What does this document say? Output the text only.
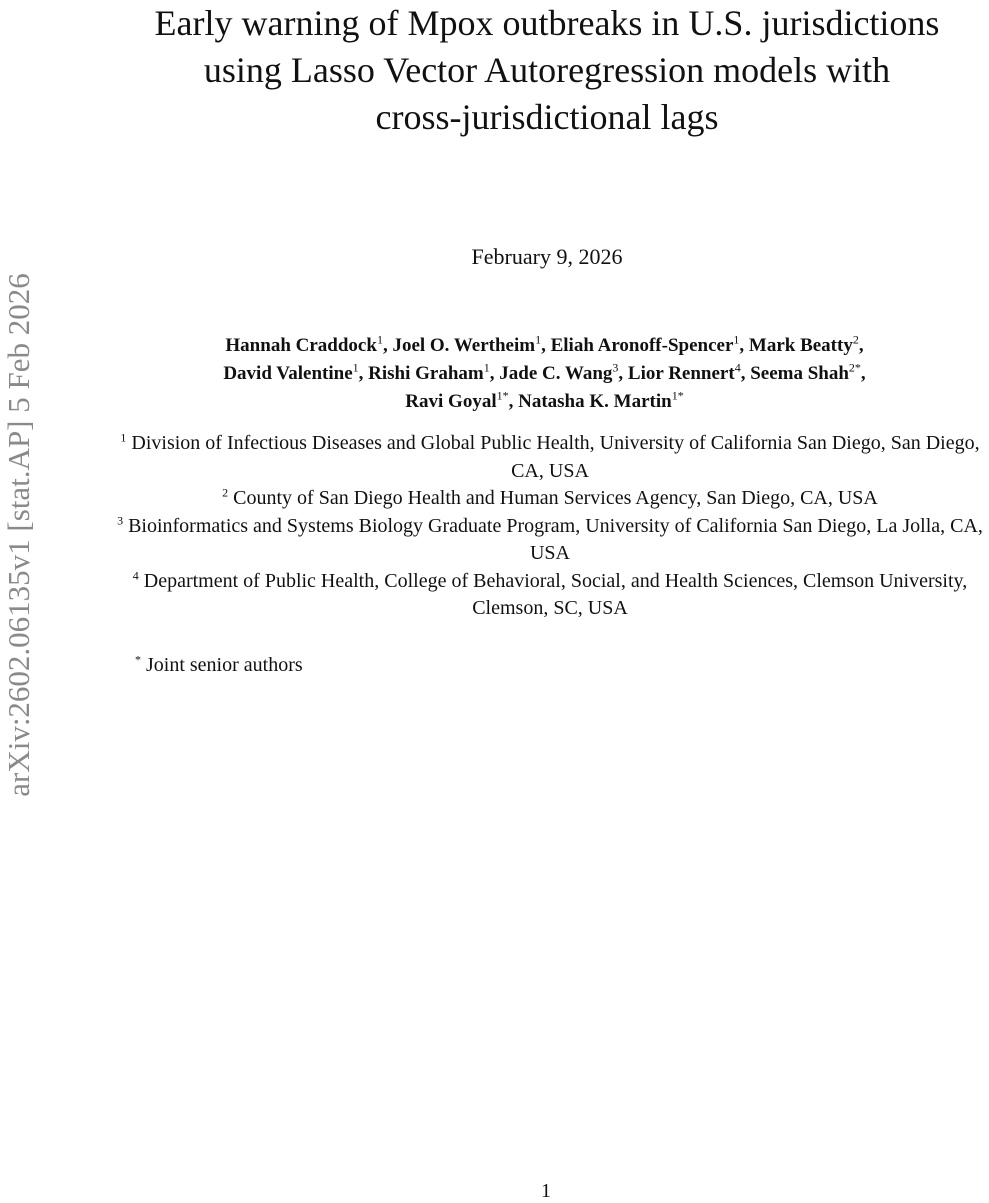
arXiv:2602.06135v1 [stat.AP] 5 Feb 2026
Early warning of Mpox outbreaks in U.S. jurisdictions
using Lasso Vector Autoregression models with
cross-jurisdictional lags
February 9, 2026
Hannah Craddock$^1$, Joel O. Wertheim$^1$, Eliah Aronoff-Spencer$^1$, Mark Beatty$^2$,
David Valentine$^1$, Rishi Graham$^1$, Jade C. Wang$^3$, Lior Rennert$^4$, Seema Shah$^{2*}$,
Ravi Goyal$^{1*}$, Natasha K. Martin$^{1*}$
$^1$ Division of Infectious Diseases and Global Public Health, University of California San Diego, San Diego, CA, USA
$^2$ County of San Diego Health and Human Services Agency, San Diego, CA, USA
$^3$ Bioinformatics and Systems Biology Graduate Program, University of California San Diego, La Jolla, CA, USA
$^4$ Department of Public Health, College of Behavioral, Social, and Health Sciences, Clemson University, Clemson, SC, USA
* Joint senior authors
1
